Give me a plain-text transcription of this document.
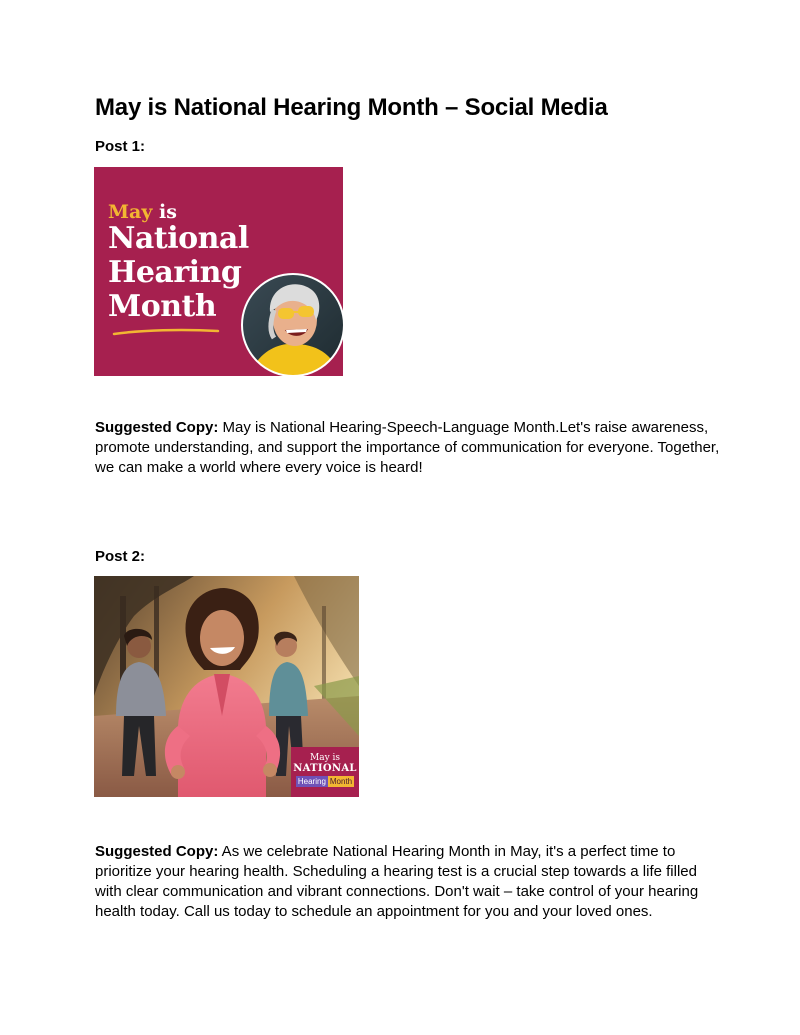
May is National Hearing Month – Social Media
Post 1:
May is
National
Hearing
Month
Suggested Copy: May is National Hearing-Speech-Language Month.Let's raise awareness, promote understanding, and support the importance of communication for everyone. Together, we can make a world where every voice is heard!
Post 2:
May is
NATIONAL
Hearing Month
Suggested Copy: As we celebrate National Hearing Month in May, it's a perfect time to prioritize your hearing health. Scheduling a hearing test is a crucial step towards a life filled with clear communication and vibrant connections. Don't wait – take control of your hearing health today. Call us today to schedule an appointment for you and your loved ones.
